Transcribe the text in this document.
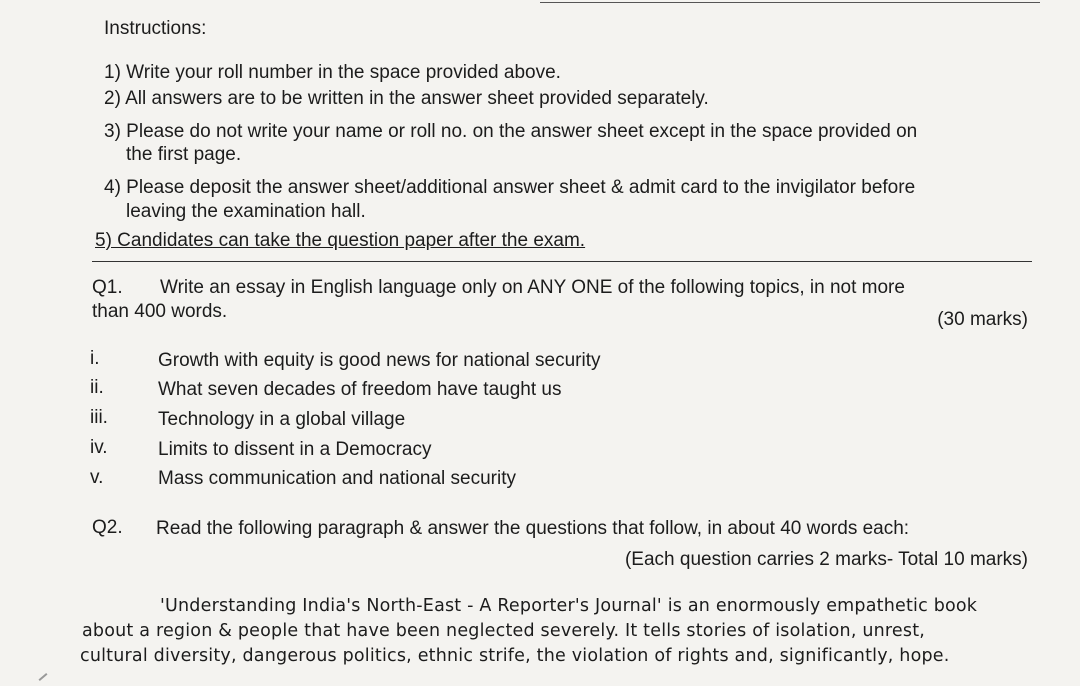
Instructions:
1) Write your roll number in the space provided above.
2) All answers are to be written in the answer sheet provided separately.
3) Please do not write your name or roll no. on the answer sheet except in the space provided on
the first page.
4) Please deposit the answer sheet/additional answer sheet & admit card to the invigilator before
leaving the examination hall.
5) Candidates can take the question paper after the exam.
Q1. Write an essay in English language only on ANY ONE of the following topics, in not more
than 400 words.	(30 marks)
i.	Growth with equity is good news for national security
ii.	What seven decades of freedom have taught us
iii.	Technology in a global village
iv.	Limits to dissent in a Democracy
v.	Mass communication and national security
Q2. Read the following paragraph & answer the questions that follow, in about 40 words each:
(Each question carries 2 marks- Total 10 marks)
'Understanding India's North-East - A Reporter's Journal' is an enormously empathetic book
about a region & people that have been neglected severely. It tells stories of isolation, unrest,
cultural diversity, dangerous politics, ethnic strife, the violation of rights and, significantly, hope.
